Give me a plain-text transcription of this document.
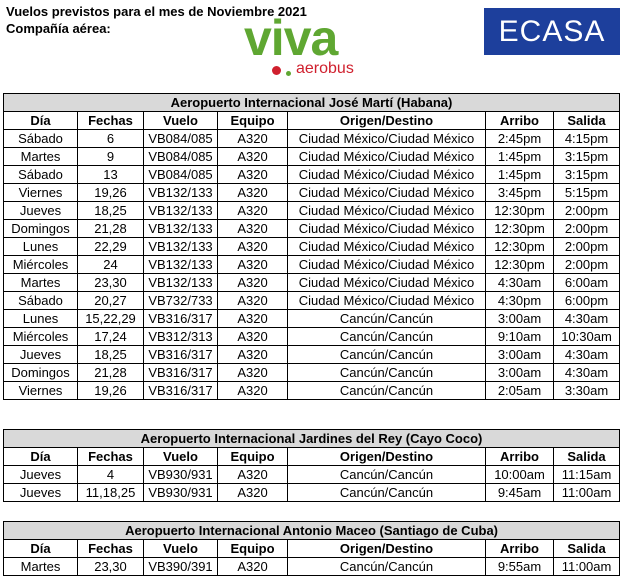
Vuelos previstos para el mes de Noviembre 2021
Compañía aérea:	viva
aerobus
ECASA
Aeropuerto Internacional José Martí (Habana)						
Día	Fechas	Vuelo	Equipo	Origen/Destino	Arribo	Salida
Sábado	6	VB084/085	A320	Ciudad México/Ciudad México	2:45pm	4:15pm
Martes	9	VB084/085	A320	Ciudad México/Ciudad México	1:45pm	3:15pm
Sábado	13	VB084/085	A320	Ciudad México/Ciudad México	1:45pm	3:15pm
Viernes	19,26	VB132/133	A320	Ciudad México/Ciudad México	3:45pm	5:15pm
Jueves	18,25	VB132/133	A320	Ciudad México/Ciudad México	12:30pm	2:00pm
Domingos	21,28	VB132/133	A320	Ciudad México/Ciudad México	12:30pm	2:00pm
Lunes	22,29	VB132/133	A320	Ciudad México/Ciudad México	12:30pm	2:00pm
Miércoles	24	VB132/133	A320	Ciudad México/Ciudad México	12:30pm	2:00pm
Martes	23,30	VB132/133	A320	Ciudad México/Ciudad México	4:30am	6:00am
Sábado	20,27	VB732/733	A320	Ciudad México/Ciudad México	4:30pm	6:00pm
Lunes	15,22,29	VB316/317	A320	Cancún/Cancún	3:00am	4:30am
Miércoles	17,24	VB312/313	A320	Cancún/Cancún	9:10am	10:30am
Jueves	18,25	VB316/317	A320	Cancún/Cancún	3:00am	4:30am
Domingos	21,28	VB316/317	A320	Cancún/Cancún	3:00am	4:30am
Viernes	19,26	VB316/317	A320	Cancún/Cancún	2:05am	3:30am
Aeropuerto Internacional Jardines del Rey (Cayo Coco)						
Día	Fechas	Vuelo	Equipo	Origen/Destino	Arribo	Salida
Jueves	4	VB930/931	A320	Cancún/Cancún	10:00am	11:15am
Jueves	11,18,25	VB930/931	A320	Cancún/Cancún	9:45am	11:00am
Aeropuerto Internacional Antonio Maceo (Santiago de Cuba)						
Día	Fechas	Vuelo	Equipo	Origen/Destino	Arribo	Salida
Martes	23,30	VB390/391	A320	Cancún/Cancún	9:55am	11:00am
